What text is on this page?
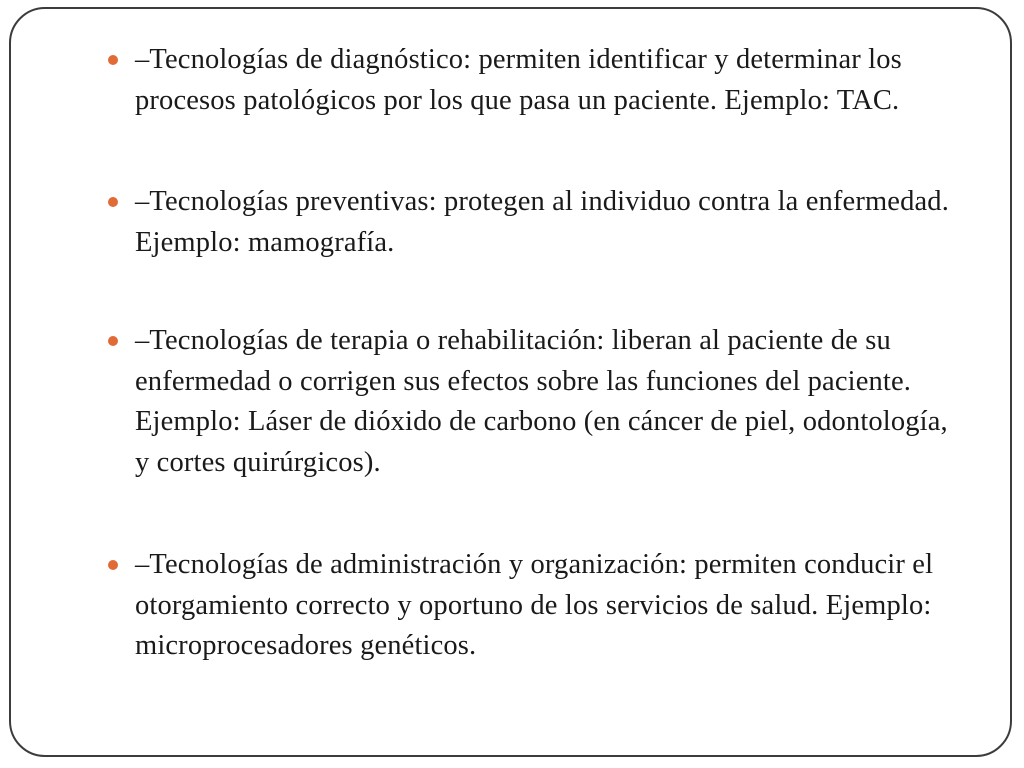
–Tecnologías de diagnóstico: permiten identificar y determinar los procesos patológicos por los que pasa un paciente. Ejemplo: TAC.
–Tecnologías preventivas: protegen al individuo contra la enfermedad. Ejemplo: mamografía.
–Tecnologías de terapia o rehabilitación: liberan al paciente de su enfermedad o corrigen sus efectos sobre las funciones del paciente. Ejemplo: Láser de dióxido de carbono (en cáncer de piel, odontología, y cortes quirúrgicos).
–Tecnologías de administración y organización: permiten conducir el otorgamiento correcto y oportuno de los servicios de salud. Ejemplo: microprocesadores genéticos.
